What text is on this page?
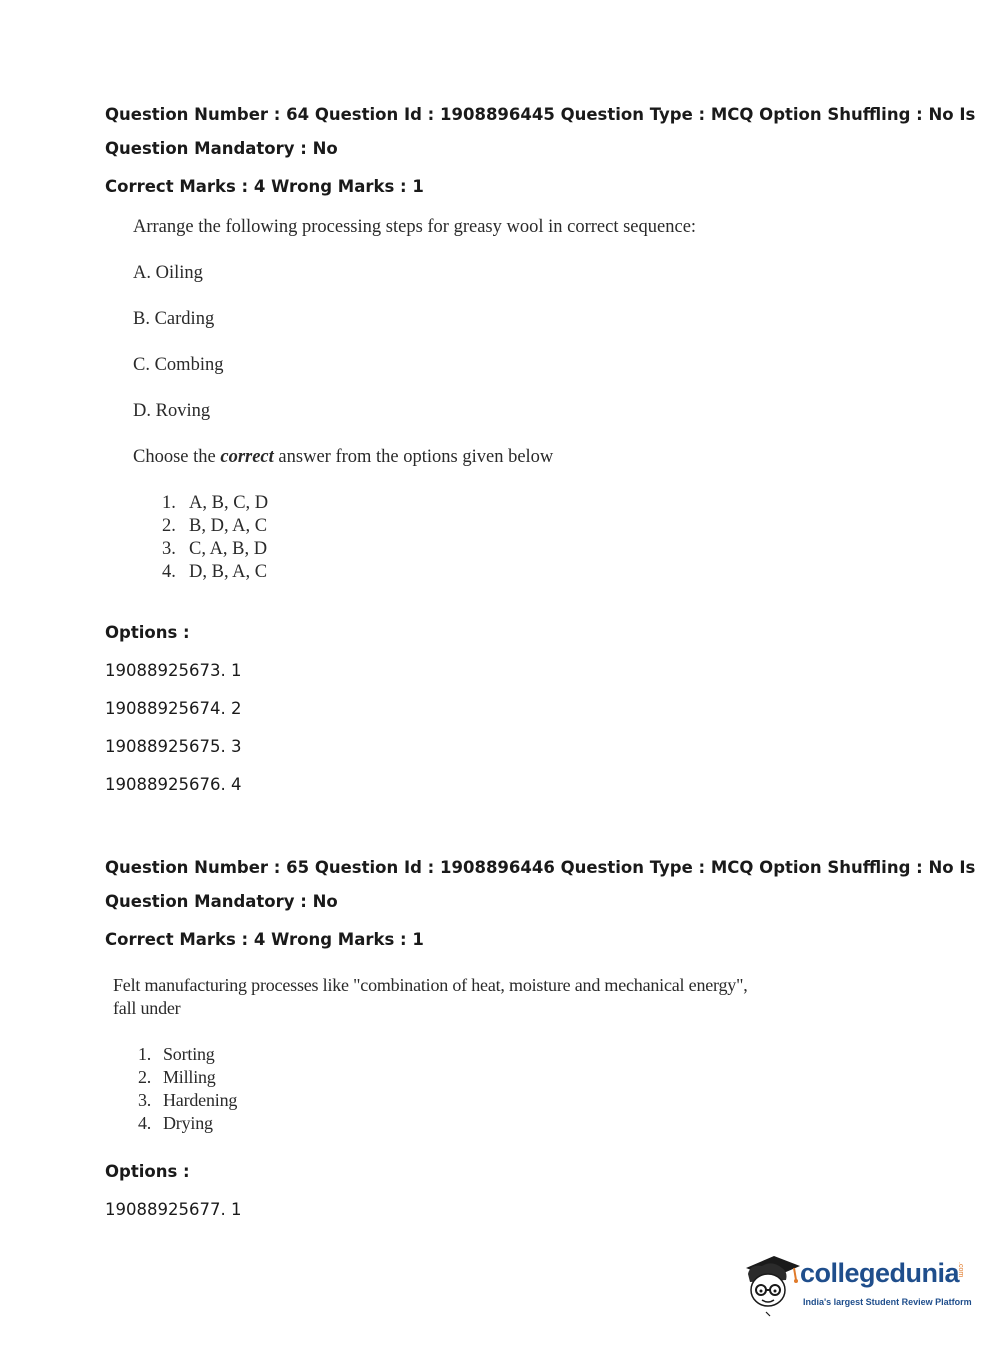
Question Number : 64 Question Id : 1908896445 Question Type : MCQ Option Shuffling : No Is
Question Mandatory : No
Correct Marks : 4 Wrong Marks : 1
Arrange the following processing steps for greasy wool in correct sequence:
A. Oiling
B. Carding
C. Combing
D. Roving
Choose the correct answer from the options given below
1. A, B, C, D
2. B, D, A, C
3. C, A, B, D
4. D, B, A, C
Options :
19088925673. 1
19088925674. 2
19088925675. 3
19088925676. 4
Question Number : 65 Question Id : 1908896446 Question Type : MCQ Option Shuffling : No Is
Question Mandatory : No
Correct Marks : 4 Wrong Marks : 1
Felt manufacturing processes like "combination of heat, moisture and mechanical energy",
fall under
1. Sorting
2. Milling
3. Hardening
4. Drying
Options :
19088925677. 1
collegedunia
.com
India's largest Student Review Platform
